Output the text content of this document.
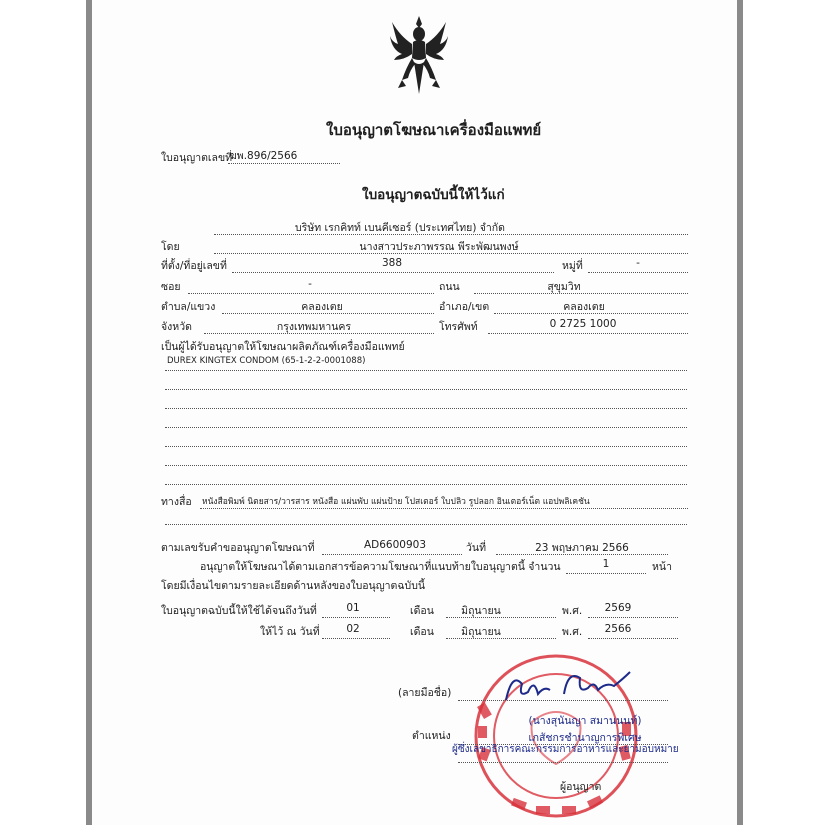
ใบอนุญาตโฆษณาเครื่องมือแพทย์
ใบอนุญาตเลขที่
ฆพ.896/2566
ใบอนุญาตฉบับนี้ให้ไว้แก่
บริษัท เรกคิทท์ เบนคีเซอร์ (ประเทศไทย) จำกัด
โดย	นางสาวประภาพรรณ พีระพัฒนพงษ์
ที่ตั้ง/ที่อยู่เลขที่	388	หมู่ที่	-
ซอย	-	ถนน	สุขุมวิท
ตำบล/แขวง	คลองเตย	อำเภอ/เขต	คลองเตย
จังหวัด	กรุงเทพมหานคร	โทรศัพท์	0 2725 1000
เป็นผู้ได้รับอนุญาตให้โฆษณาผลิตภัณฑ์เครื่องมือแพทย์
DUREX KINGTEX CONDOM (65-1-2-2-0001088)
ทางสื่อ หนังสือพิมพ์ นิตยสาร/วารสาร หนังสือ แผ่นพับ แผ่นป้าย โปสเตอร์ ใบปลิว รูปลอก อินเตอร์เน็ต แอปพลิเคชัน
ตามเลขรับคำขออนุญาตโฆษณาที่	AD6600903	วันที่	23 พฤษภาคม 2566
อนุญาตให้โฆษณาได้ตามเอกสารข้อความโฆษณาที่แนบท้ายใบอนุญาตนี้ จำนวน	1	หน้า
โดยมีเงื่อนไขตามรายละเอียดด้านหลังของใบอนุญาตฉบับนี้
ใบอนุญาตฉบับนี้ให้ใช้ได้จนถึงวันที่	01	เดือน	มิถุนายน	พ.ศ.	2569
ให้ไว้ ณ วันที่	02	เดือน	มิถุนายน	พ.ศ.	2566
(ลายมือชื่อ)
(นางสุนันญา สมานนนท์)
ตำแหน่ง	เภสัชกรชำนาญการพิเศษ
ผู้ซึ่งเลขาธิการคณะกรรมการอาหารและยามอบหมาย
ผู้อนุญาต
